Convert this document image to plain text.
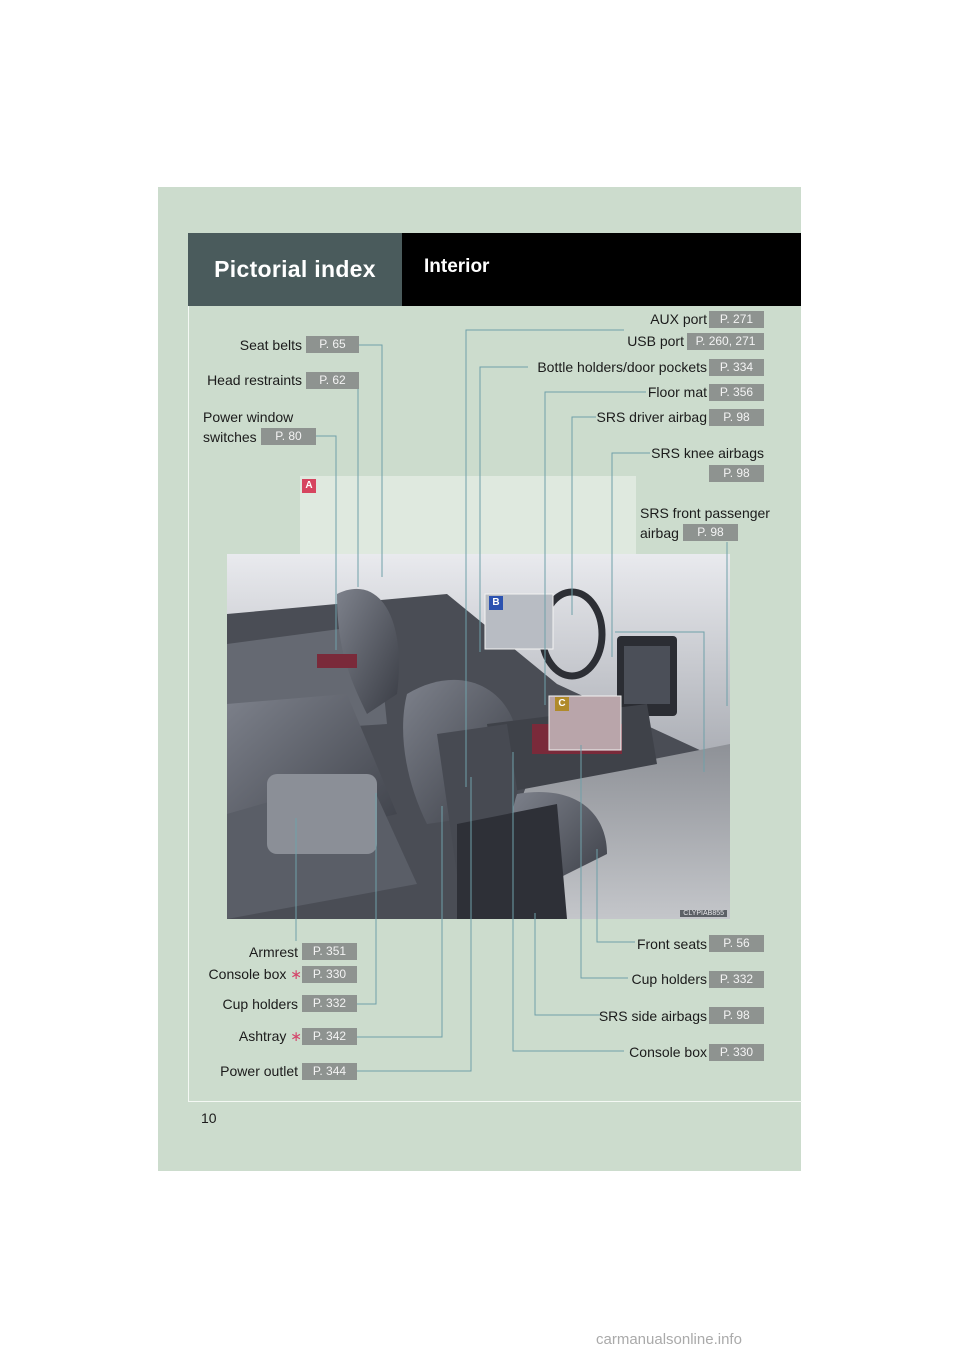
Pictorial index	Interior
A
CLYPIAB855
B
C
Seat belts	P. 65
Head restraints	P. 62
Power window
switches	P. 80
AUX port	P. 271
USB port P. 260, 271
Bottle holders/door pockets	P. 334
Floor mat	P. 356
SRS driver airbag	P. 98
SRS knee airbags
P. 98
SRS front passenger
airbag	P. 98
Armrest	P. 351
Console box ∗ P. 330
Cup holders	P. 332
Ashtray ∗ P. 342
Power outlet	P. 344
Front seats	P. 56
Cup holders	P. 332
SRS side airbags	P. 98
Console box	P. 330
10
carmanualsonline.info
